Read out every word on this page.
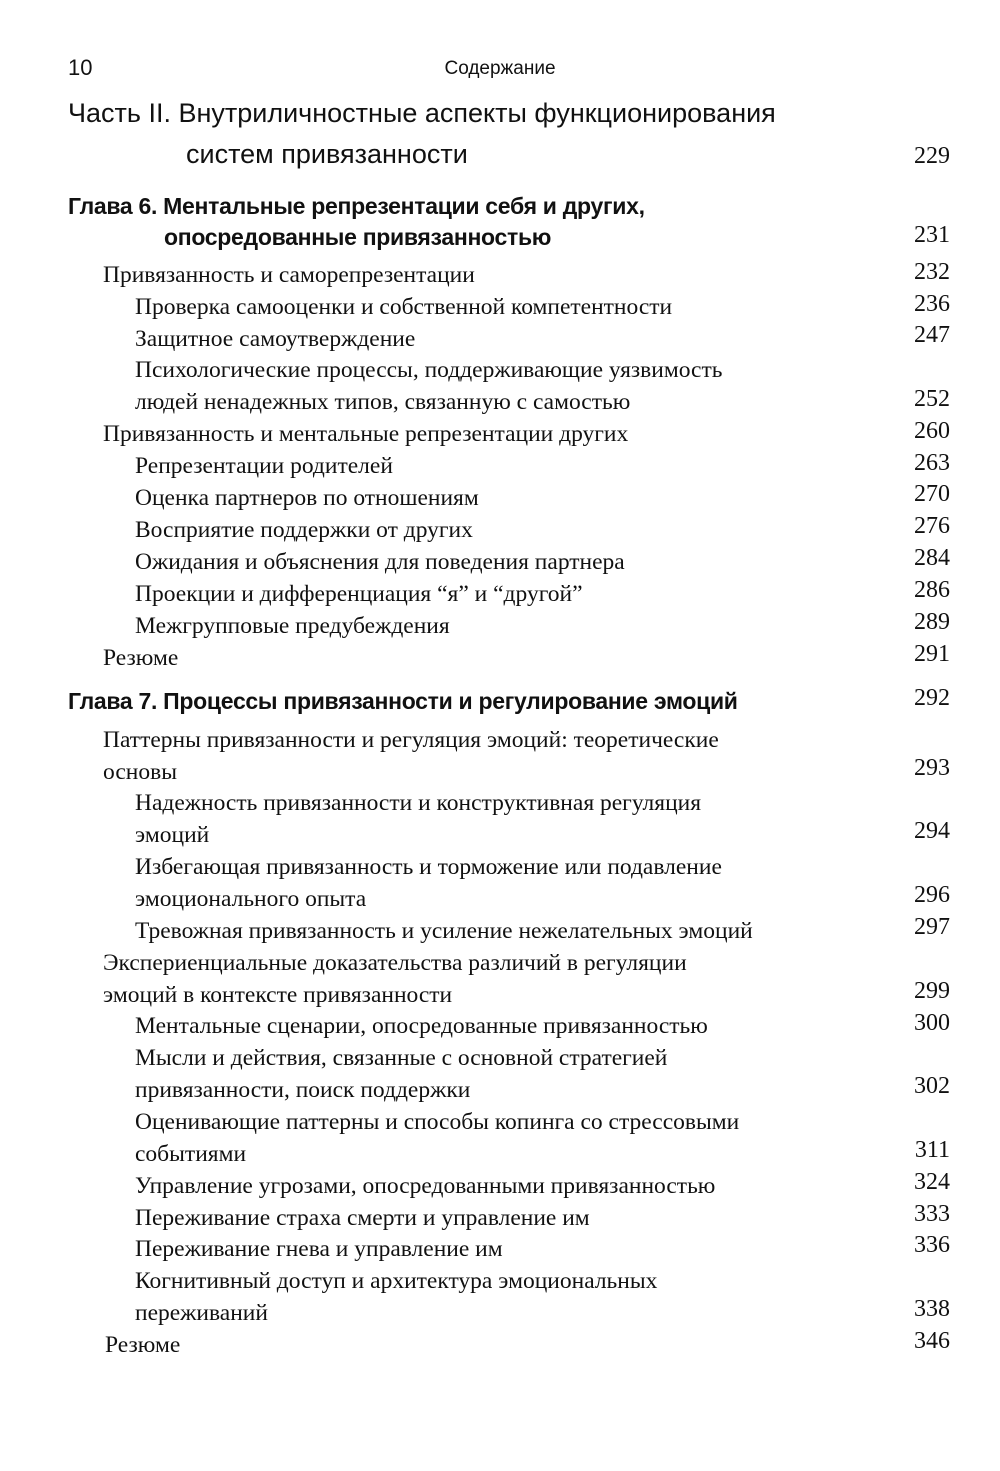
10	Содержание
Часть II. Внутриличностные аспекты функционирования
систем привязанности	229
Глава 6. Ментальные репрезентации себя и других,
опосредованные привязанностью	231
Привязанность и саморепрезентации	232
Проверка самооценки и собственной компетентности	236
Защитное самоутверждение	247
Психологические процессы, поддерживающие уязвимость
людей ненадежных типов, связанную с самостью	252
Привязанность и ментальные репрезентации других	260
Репрезентации родителей	263
Оценка партнеров по отношениям	270
Восприятие поддержки от других	276
Ожидания и объяснения для поведения партнера	284
Проекции и дифференциация “я” и “другой”	286
Межгрупповые предубеждения	289
Резюме	291
Глава 7. Процессы привязанности и регулирование эмоций	292
Паттерны привязанности и регуляция эмоций: теоретические
основы	293
Надежность привязанности и конструктивная регуляция
эмоций	294
Избегающая привязанность и торможение или подавление
эмоционального опыта	296
Тревожная привязанность и усиление нежелательных эмоций	297
Экспериенциальные доказательства различий в регуляции
эмоций в контексте привязанности	299
Ментальные сценарии, опосредованные привязанностью	300
Мысли и действия, связанные с основной стратегией
привязанности, поиск поддержки	302
Оценивающие паттерны и способы копинга со стрессовыми
событиями	311
Управление угрозами, опосредованными привязанностью	324
Переживание страха смерти и управление им	333
Переживание гнева и управление им	336
Когнитивный доступ и архитектура эмоциональных
переживаний	338
Резюме	346
